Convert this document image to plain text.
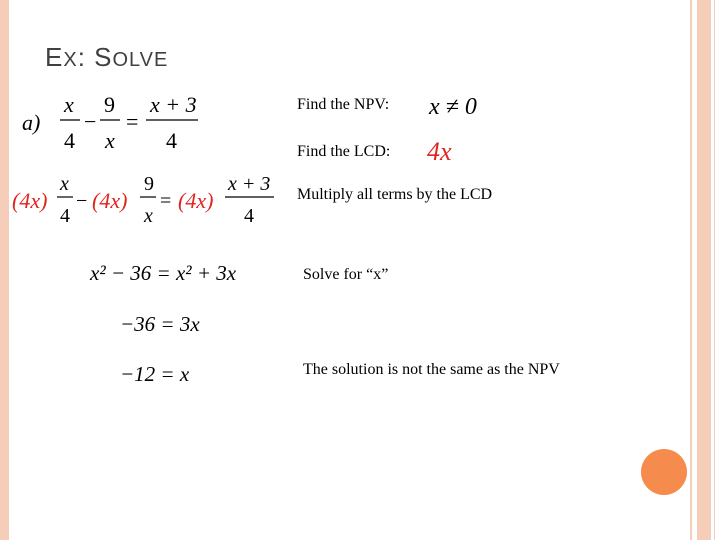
EX: SOLVE
a)
x
4
−
9
x
=
x + 3
4
Find the NPV: x ≠ 0
Find the LCD: 4x
(4x)
x
4
− (4x)
9
x
= (4x)
x + 3
4
Multiply all terms by the LCD
x² − 36 = x² + 3x	Solve for “x”
−36 = 3x
−12 = x	The solution is not the same as the NPV
